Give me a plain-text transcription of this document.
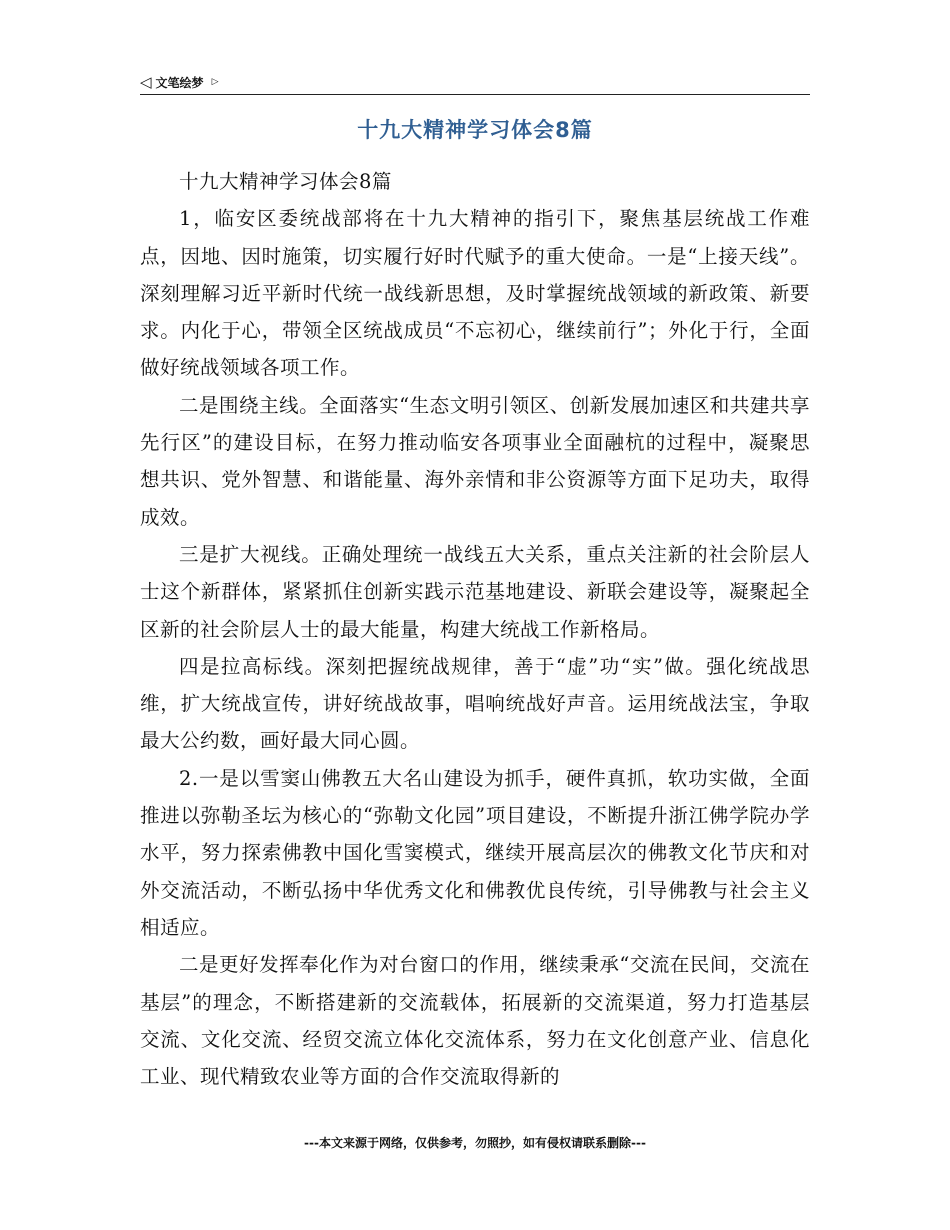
◁ 文笔绘梦 ▷
十九大精神学习体会8篇

十九大精神学习体会8篇

1，临安区委统战部将在十九大精神的指引下，聚焦基层统战工作难点，因地、因时施策，切实履行好时代赋予的重大使命。一是“上接天线”。深刻理解习近平新时代统一战线新思想，及时掌握统战领域的新政策、新要求。内化于心，带领全区统战成员“不忘初心，继续前行”；外化于行，全面做好统战领域各项工作。

二是围绕主线。全面落实“生态文明引领区、创新发展加速区和共建共享先行区”的建设目标，在努力推动临安各项事业全面融杭的过程中，凝聚思想共识、党外智慧、和谐能量、海外亲情和非公资源等方面下足功夫，取得成效。

三是扩大视线。正确处理统一战线五大关系，重点关注新的社会阶层人士这个新群体，紧紧抓住创新实践示范基地建设、新联会建设等，凝聚起全区新的社会阶层人士的最大能量，构建大统战工作新格局。

四是拉高标线。深刻把握统战规律，善于“虚”功“实”做。强化统战思维，扩大统战宣传，讲好统战故事，唱响统战好声音。运用统战法宝，争取最大公约数，画好最大同心圆。

2.一是以雪窦山佛教五大名山建设为抓手，硬件真抓，软功实做，全面推进以弥勒圣坛为核心的“弥勒文化园”项目建设，不断提升浙江佛学院办学水平，努力探索佛教中国化雪窦模式，继续开展高层次的佛教文化节庆和对外交流活动，不断弘扬中华优秀文化和佛教优良传统，引导佛教与社会主义相适应。

二是更好发挥奉化作为对台窗口的作用，继续秉承“交流在民间，交流在基层”的理念，不断搭建新的交流载体，拓展新的交流渠道，努力打造基层交流、文化交流、经贸交流立体化交流体系，努力在文化创意产业、信息化工业、现代精致农业等方面的合作交流取得新的

---本文来源于网络，仅供参考，勿照抄，如有侵权请联系删除---
